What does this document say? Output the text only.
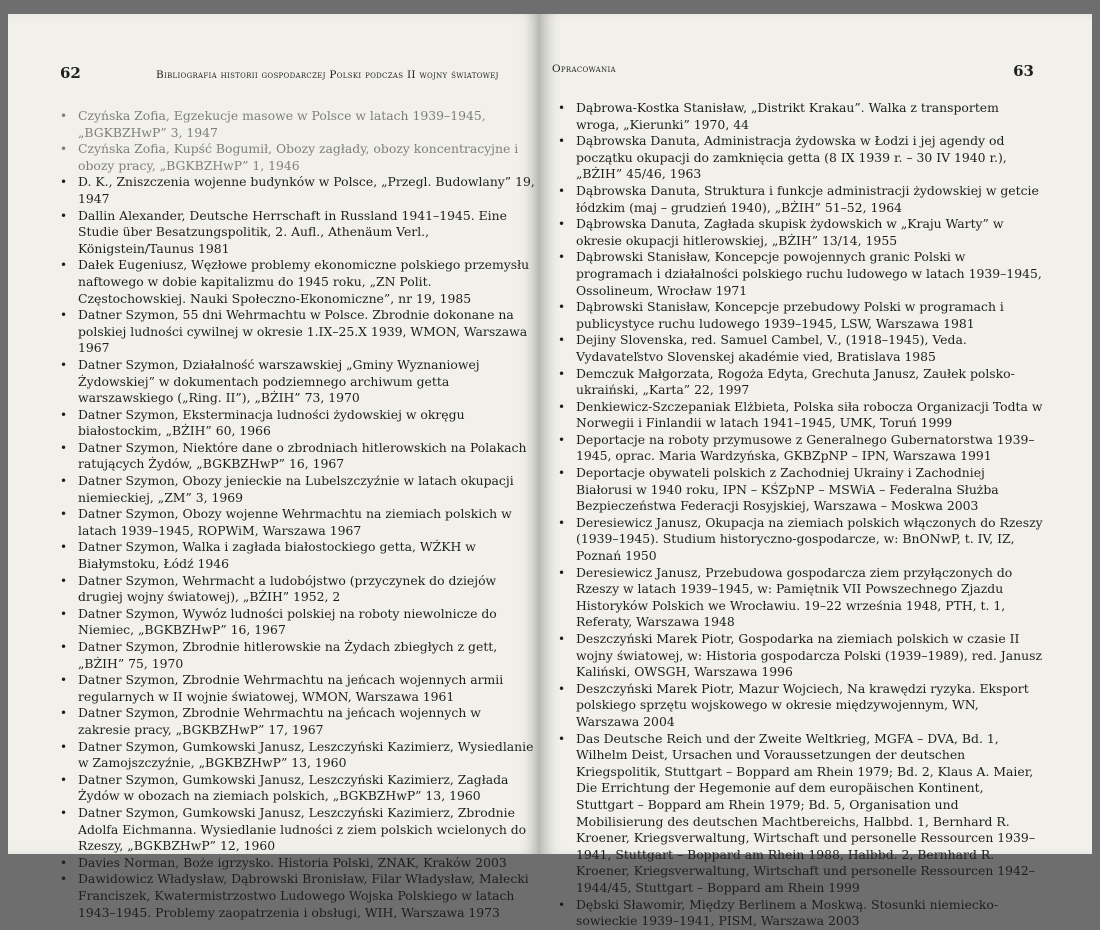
62	Bibliografia historii gospodarczej Polski podczas II wojny światowej
• Czyńska Zofia, Egzekucje masowe w Polsce w latach 1939–1945, „BGKBZHwP” 3, 1947
• Czyńska Zofia, Kupść Bogumił, Obozy zagłady, obozy koncentracyjne i obozy pracy, „BGKBZHwP” 1, 1946
• D. K., Zniszczenia wojenne budynków w Polsce, „Przegl. Budowlany” 19, 1947
• Dallin Alexander, Deutsche Herrschaft in Russland 1941–1945. Eine Studie über Besatzungspolitik, 2. Aufl., Athenäum Verl., Königstein/Taunus 1981
• Dałek Eugeniusz, Węzłowe problemy ekonomiczne polskiego przemysłu naftowego w dobie kapitalizmu do 1945 roku, „ZN Polit. Częstochowskiej. Nauki Społeczno-Ekonomiczne”, nr 19, 1985
• Datner Szymon, 55 dni Wehrmachtu w Polsce. Zbrodnie dokonane na polskiej ludności cywilnej w okresie 1.IX–25.X 1939, WMON, Warszawa 1967
• Datner Szymon, Działalność warszawskiej „Gminy Wyznaniowej Żydowskiej” w dokumentach podziemnego archiwum getta warszawskiego („Ring. II”), „BŻIH” 73, 1970
• Datner Szymon, Eksterminacja ludności żydowskiej w okręgu białostockim, „BŻIH” 60, 1966
• Datner Szymon, Niektóre dane o zbrodniach hitlerowskich na Polakach ratujących Żydów, „BGKBZHwP” 16, 1967
• Datner Szymon, Obozy jenieckie na Lubelszczyźnie w latach okupacji niemieckiej, „ZM” 3, 1969
• Datner Szymon, Obozy wojenne Wehrmachtu na ziemiach polskich w latach 1939–1945, ROPWiM, Warszawa 1967
• Datner Szymon, Walka i zagłada białostockiego getta, WŻKH w Białymstoku, Łódź 1946
• Datner Szymon, Wehrmacht a ludobójstwo (przyczynek do dziejów drugiej wojny światowej), „BŻIH” 1952, 2
• Datner Szymon, Wywóz ludności polskiej na roboty niewolnicze do Niemiec, „BGKBZHwP” 16, 1967
• Datner Szymon, Zbrodnie hitlerowskie na Żydach zbiegłych z gett, „BŻIH” 75, 1970
• Datner Szymon, Zbrodnie Wehrmachtu na jeńcach wojennych armii regularnych w II wojnie światowej, WMON, Warszawa 1961
• Datner Szymon, Zbrodnie Wehrmachtu na jeńcach wojennych w zakresie pracy, „BGKBZHwP” 17, 1967
• Datner Szymon, Gumkowski Janusz, Leszczyński Kazimierz, Wysiedlanie w Zamojszczyźnie, „BGKBZHwP” 13, 1960
• Datner Szymon, Gumkowski Janusz, Leszczyński Kazimierz, Zagłada Żydów w obozach na ziemiach polskich, „BGKBZHwP” 13, 1960
• Datner Szymon, Gumkowski Janusz, Leszczyński Kazimierz, Zbrodnie Adolfa Eichmanna. Wysiedlanie ludności z ziem polskich wcielonych do Rzeszy, „BGKBZHwP” 12, 1960
• Davies Norman, Boże igrzysko. Historia Polski, ZNAK, Kraków 2003
• Dawidowicz Władysław, Dąbrowski Bronisław, Filar Władysław, Małecki Franciszek, Kwatermistrzostwo Ludowego Wojska Polskiego w latach 1943–1945. Problemy zaopatrzenia i obsługi, WIH, Warszawa 1973
Opracowania	63
• Dąbrowa-Kostka Stanisław, „Distrikt Krakau”. Walka z transportem wroga, „Kierunki” 1970, 44
• Dąbrowska Danuta, Administracja żydowska w Łodzi i jej agendy od początku okupacji do zamknięcia getta (8 IX 1939 r. – 30 IV 1940 r.), „BŻIH” 45/46, 1963
• Dąbrowska Danuta, Struktura i funkcje administracji żydowskiej w getcie łódzkim (maj – grudzień 1940), „BŻIH” 51–52, 1964
• Dąbrowska Danuta, Zagłada skupisk żydowskich w „Kraju Warty” w okresie okupacji hitlerowskiej, „BŻIH” 13/14, 1955
• Dąbrowski Stanisław, Koncepcje powojennych granic Polski w programach i działalności polskiego ruchu ludowego w latach 1939–1945, Ossolineum, Wrocław 1971
• Dąbrowski Stanisław, Koncepcje przebudowy Polski w programach i publicystyce ruchu ludowego 1939–1945, LSW, Warszawa 1981
• Dejiny Slovenska, red. Samuel Cambel, V., (1918–1945), Veda. Vydavateľstvo Slovenskej akadémie vied, Bratislava 1985
• Demczuk Małgorzata, Rogoża Edyta, Grechuta Janusz, Zaułek polsko-ukraiński, „Karta” 22, 1997
• Denkiewicz-Szczepaniak Elżbieta, Polska siła robocza Organizacji Todta w Norwegii i Finlandii w latach 1941–1945, UMK, Toruń 1999
• Deportacje na roboty przymusowe z Generalnego Gubernatorstwa 1939–1945, oprac. Maria Wardzyńska, GKBZpNP – IPN, Warszawa 1991
• Deportacje obywateli polskich z Zachodniej Ukrainy i Zachodniej Białorusi w 1940 roku, IPN – KŚZpNP – MSWiA – Federalna Służba Bezpieczeństwa Federacji Rosyjskiej, Warszawa – Moskwa 2003
• Deresiewicz Janusz, Okupacja na ziemiach polskich włączonych do Rzeszy (1939–1945). Studium historyczno-gospodarcze, w: BnONwP, t. IV, IZ, Poznań 1950
• Deresiewicz Janusz, Przebudowa gospodarcza ziem przyłączonych do Rzeszy w latach 1939–1945, w: Pamiętnik VII Powszechnego Zjazdu Historyków Polskich we Wrocławiu. 19–22 września 1948, PTH, t. 1, Referaty, Warszawa 1948
• Deszczyński Marek Piotr, Gospodarka na ziemiach polskich w czasie II wojny światowej, w: Historia gospodarcza Polski (1939–1989), red. Janusz Kaliński, OWSGH, Warszawa 1996
• Deszczyński Marek Piotr, Mazur Wojciech, Na krawędzi ryzyka. Eksport polskiego sprzętu wojskowego w okresie międzywojennym, WN, Warszawa 2004
• Das Deutsche Reich und der Zweite Weltkrieg, MGFA – DVA, Bd. 1, Wilhelm Deist, Ursachen und Voraussetzungen der deutschen Kriegspolitik, Stuttgart – Boppard am Rhein 1979; Bd. 2, Klaus A. Maier, Die Errichtung der Hegemonie auf dem europäischen Kontinent, Stuttgart – Boppard am Rhein 1979; Bd. 5, Organisation und Mobilisierung des deutschen Machtbereichs, Halbbd. 1, Bernhard R. Kroener, Kriegsverwaltung, Wirtschaft und personelle Ressourcen 1939–1941, Stuttgart – Boppard am Rhein 1988, Halbbd. 2, Bernhard R. Kroener, Kriegsverwaltung, Wirtschaft und personelle Ressourcen 1942–1944/45, Stuttgart – Boppard am Rhein 1999
• Dębski Sławomir, Między Berlinem a Moskwą. Stosunki niemiecko-sowieckie 1939–1941, PISM, Warszawa 2003
